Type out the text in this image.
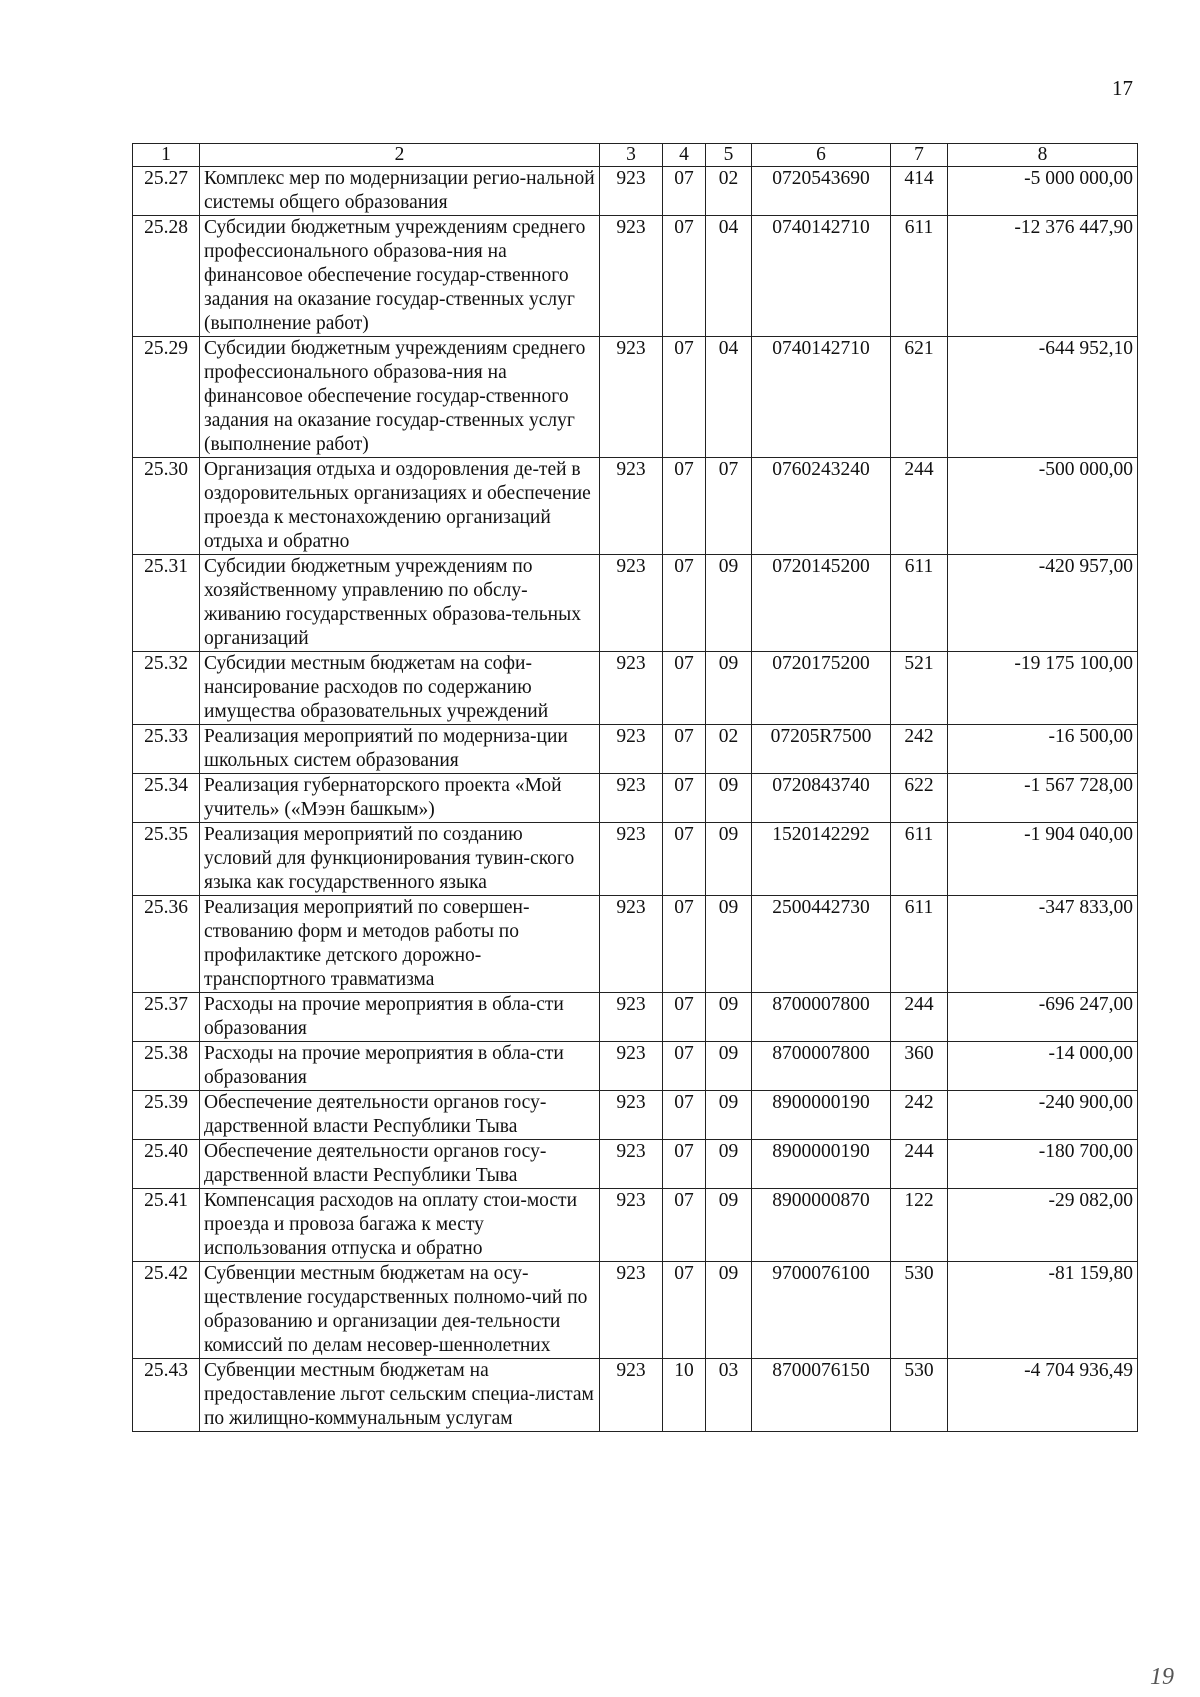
17
1	2	3	4	5	6	7	8
25.27	Комплекс мер по модернизации регио-нальной системы общего образования	923	07	02	0720543690	414	-5 000 000,00
25.28	Субсидии бюджетным учреждениям среднего профессионального образова-ния на финансовое обеспечение государ-ственного задания на оказание государ-ственных услуг (выполнение работ)	923	07	04	0740142710	611	-12 376 447,90
25.29	Субсидии бюджетным учреждениям среднего профессионального образова-ния на финансовое обеспечение государ-ственного задания на оказание государ-ственных услуг (выполнение работ)	923	07	04	0740142710	621	-644 952,10
25.30	Организация отдыха и оздоровления де-тей в оздоровительных организациях и обеспечение проезда к местонахождению организаций отдыха и обратно	923	07	07	0760243240	244	-500 000,00
25.31	Субсидии бюджетным учреждениям по хозяйственному управлению по обслу-живанию государственных образова-тельных организаций	923	07	09	0720145200	611	-420 957,00
25.32	Субсидии местным бюджетам на софи-нансирование расходов по содержанию имущества образовательных учреждений	923	07	09	0720175200	521	-19 175 100,00
25.33	Реализация мероприятий по модерниза-ции школьных систем образования	923	07	02	07205R7500	242	-16 500,00
25.34	Реализация губернаторского проекта «Мой учитель» («Мээн башкым»)	923	07	09	0720843740	622	-1 567 728,00
25.35	Реализация мероприятий по созданию условий для функционирования тувин-ского языка как государственного языка	923	07	09	1520142292	611	-1 904 040,00
25.36	Реализация мероприятий по совершен-ствованию форм и методов работы по профилактике детского дорожно-транспортного травматизма	923	07	09	2500442730	611	-347 833,00
25.37	Расходы на прочие мероприятия в обла-сти образования	923	07	09	8700007800	244	-696 247,00
25.38	Расходы на прочие мероприятия в обла-сти образования	923	07	09	8700007800	360	-14 000,00
25.39	Обеспечение деятельности органов госу-дарственной власти Республики Тыва	923	07	09	8900000190	242	-240 900,00
25.40	Обеспечение деятельности органов госу-дарственной власти Республики Тыва	923	07	09	8900000190	244	-180 700,00
25.41	Компенсация расходов на оплату стои-мости проезда и провоза багажа к месту использования отпуска и обратно	923	07	09	8900000870	122	-29 082,00
25.42	Субвенции местным бюджетам на осу-ществление государственных полномо-чий по образованию и организации дея-тельности комиссий по делам несовер-шеннолетних	923	07	09	9700076100	530	-81 159,80
25.43	Субвенции местным бюджетам на предоставление льгот сельским специа-листам по жилищно-коммунальным услугам	923	10	03	8700076150	530	-4 704 936,49
19
